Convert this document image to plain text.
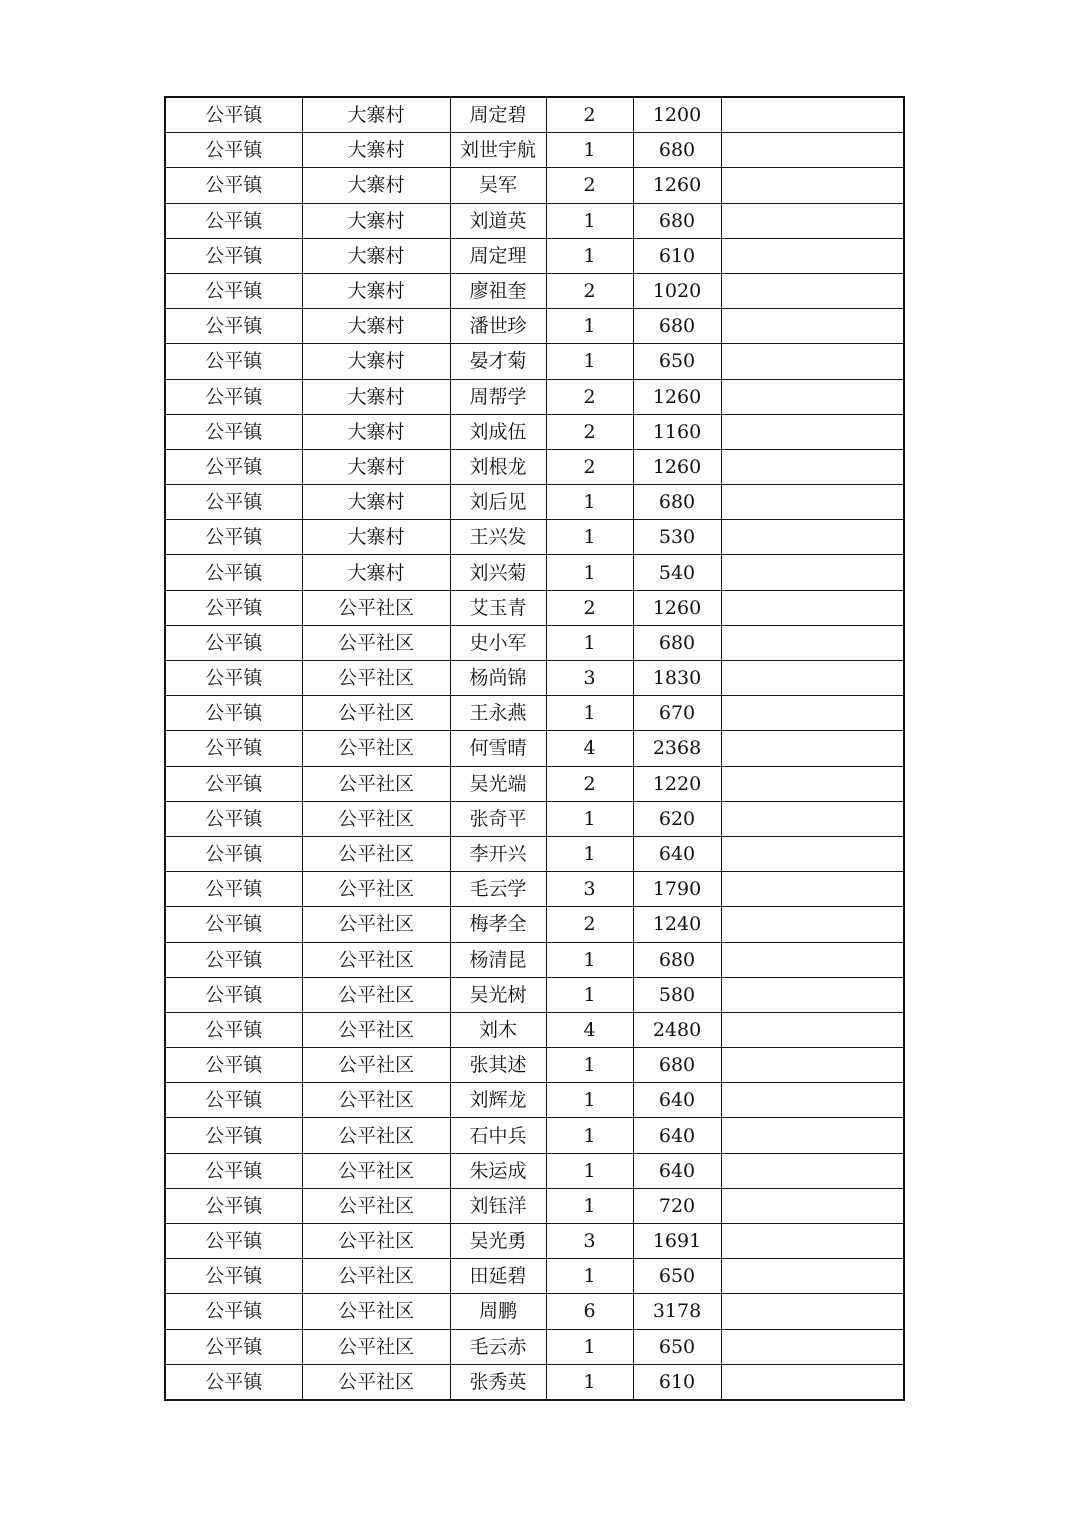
公平镇	大寨村	周定碧	2	1200	
公平镇	大寨村	刘世宇航	1	680	
公平镇	大寨村	吴军	2	1260	
公平镇	大寨村	刘道英	1	680	
公平镇	大寨村	周定理	1	610	
公平镇	大寨村	廖祖奎	2	1020	
公平镇	大寨村	潘世珍	1	680	
公平镇	大寨村	晏才菊	1	650	
公平镇	大寨村	周帮学	2	1260	
公平镇	大寨村	刘成伍	2	1160	
公平镇	大寨村	刘根龙	2	1260	
公平镇	大寨村	刘后见	1	680	
公平镇	大寨村	王兴发	1	530	
公平镇	大寨村	刘兴菊	1	540	
公平镇	公平社区	艾玉青	2	1260	
公平镇	公平社区	史小军	1	680	
公平镇	公平社区	杨尚锦	3	1830	
公平镇	公平社区	王永燕	1	670	
公平镇	公平社区	何雪晴	4	2368	
公平镇	公平社区	吴光端	2	1220	
公平镇	公平社区	张奇平	1	620	
公平镇	公平社区	李开兴	1	640	
公平镇	公平社区	毛云学	3	1790	
公平镇	公平社区	梅孝全	2	1240	
公平镇	公平社区	杨清昆	1	680	
公平镇	公平社区	吴光树	1	580	
公平镇	公平社区	刘木	4	2480	
公平镇	公平社区	张其述	1	680	
公平镇	公平社区	刘辉龙	1	640	
公平镇	公平社区	石中兵	1	640	
公平镇	公平社区	朱运成	1	640	
公平镇	公平社区	刘钰洋	1	720	
公平镇	公平社区	吴光勇	3	1691	
公平镇	公平社区	田延碧	1	650	
公平镇	公平社区	周鹏	6	3178	
公平镇	公平社区	毛云赤	1	650	
公平镇	公平社区	张秀英	1	610	
